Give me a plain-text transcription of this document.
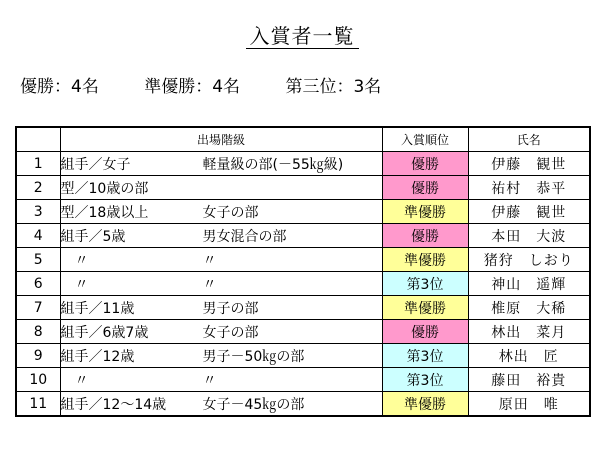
入賞者一覧
優勝：4名	準優勝：4名	第三位：3名
	出場階級	入賞順位	氏名
1	組手／女子 軽量級の部(－55㎏級)	優勝	伊藤　観世
2	型／10歳の部	優勝	祐村　恭平
3	型／18歳以上 女子の部	準優勝	伊藤　観世
4	組手／5歳 男女混合の部	優勝	本田　大波
5	　〃 〃	準優勝	猪狩　しおり
6	　〃 〃	第3位	神山　遥輝
7	組手／11歳 男子の部	準優勝	椎原　大稀
8	組手／6歳7歳 女子の部	優勝	林出　菜月
9	組手／12歳 男子－50㎏の部	第3位	林出　匠
10	　〃 〃	第3位	藤田　裕貴
11	組手／12～14歳 女子－45㎏の部	準優勝	原田　唯
